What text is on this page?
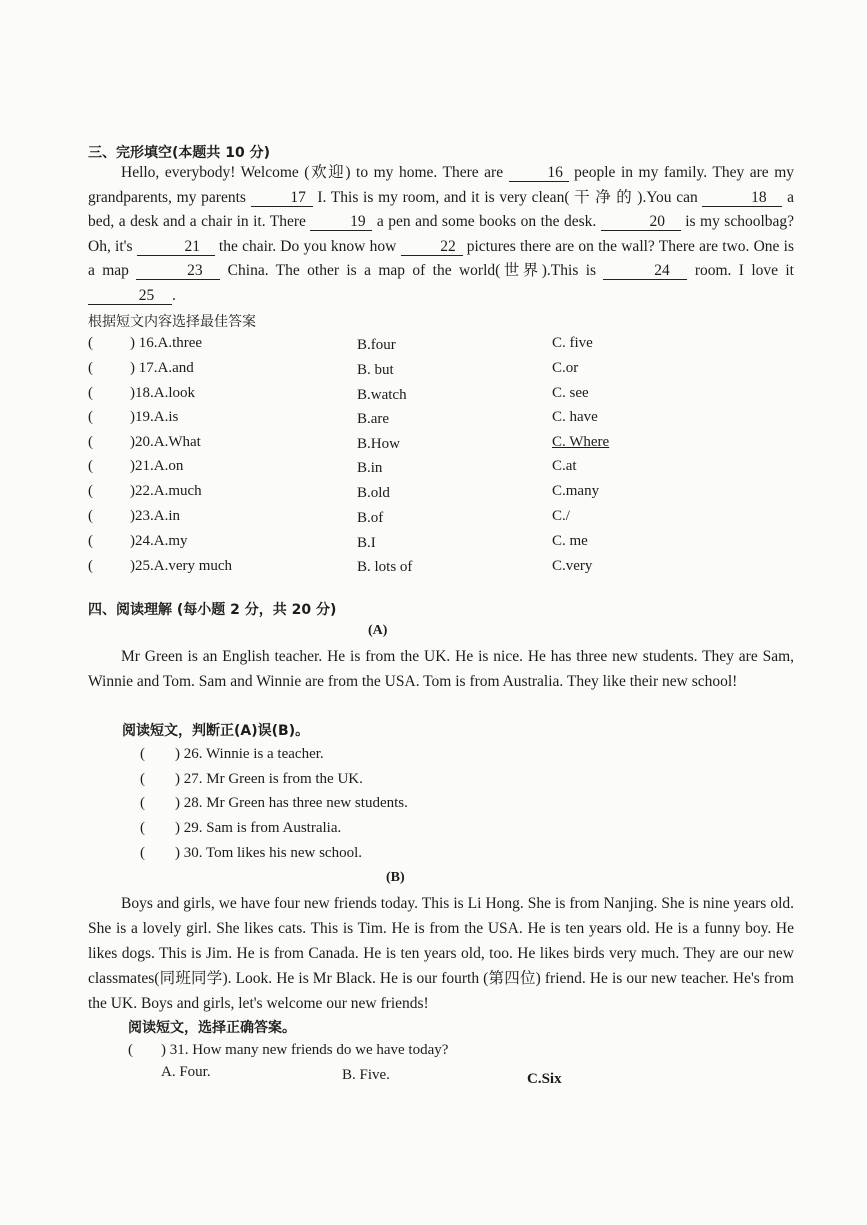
三、完形填空(本题共 10 分)

Hello, everybody! Welcome (欢迎) to my home. There are	16 people in my family. They are my grandparents, my parents	17 I. This is my room, and it is very clean( 干 净 的 ).You can	18 a bed, a desk and a chair in it. There	19 a pen and some books on the desk.	20 is my schoolbag? Oh, it's	21 the chair. Do you know how	22 pictures there are on the wall? There are two. One is a map	23 China. The other is a map of the world(世界).This is	24 room. I love it 25 .

根据短文内容选择最佳答案
( ) 16.A.three	B.four	C. five
( ) 17.A.and	B. but	C.or
( )18.A.look	B.watch	C. see
( )19.A.is	B.are	C. have
( )20.A.What	B.How	C. Where
( )21.A.on	B.in	C.at
( )22.A.much	B.old	C.many
( )23.A.in	B.of	C./
( )24.A.my	B.I	C. me
( )25.A.very much	B. lots of	C.very
四、阅读理解 (每小题 2 分，共 20 分)
(A)

Mr Green is an English teacher. He is from the UK. He is nice. He has three new students. They are Sam, Winnie and Tom. Sam and Winnie are from the USA. Tom is from Australia. They like their new school!

阅读短文，判断正(A)误(B)。
( ) 26. Winnie is a teacher.
( ) 27. Mr Green is from the UK.
( ) 28. Mr Green has three new students.
( ) 29. Sam is from Australia.
( ) 30. Tom likes his new school.
(B)

Boys and girls, we have four new friends today. This is Li Hong. She is from Nanjing. She is nine years old. She is a lovely girl. She likes cats. This is Tim. He is from the USA. He is ten years old. He is a funny boy. He likes dogs. This is Jim. He is from Canada. He is ten years old, too. He likes birds very much. They are our new classmates(同班同学). Look. He is Mr Black. He is our fourth (第四位) friend. He is our new teacher. He's from the UK. Boys and girls, let's welcome our new friends!

阅读短文，选择正确答案。
( ) 31. How many new friends do we have today?
A. Four.	B. Five.	C.Six
